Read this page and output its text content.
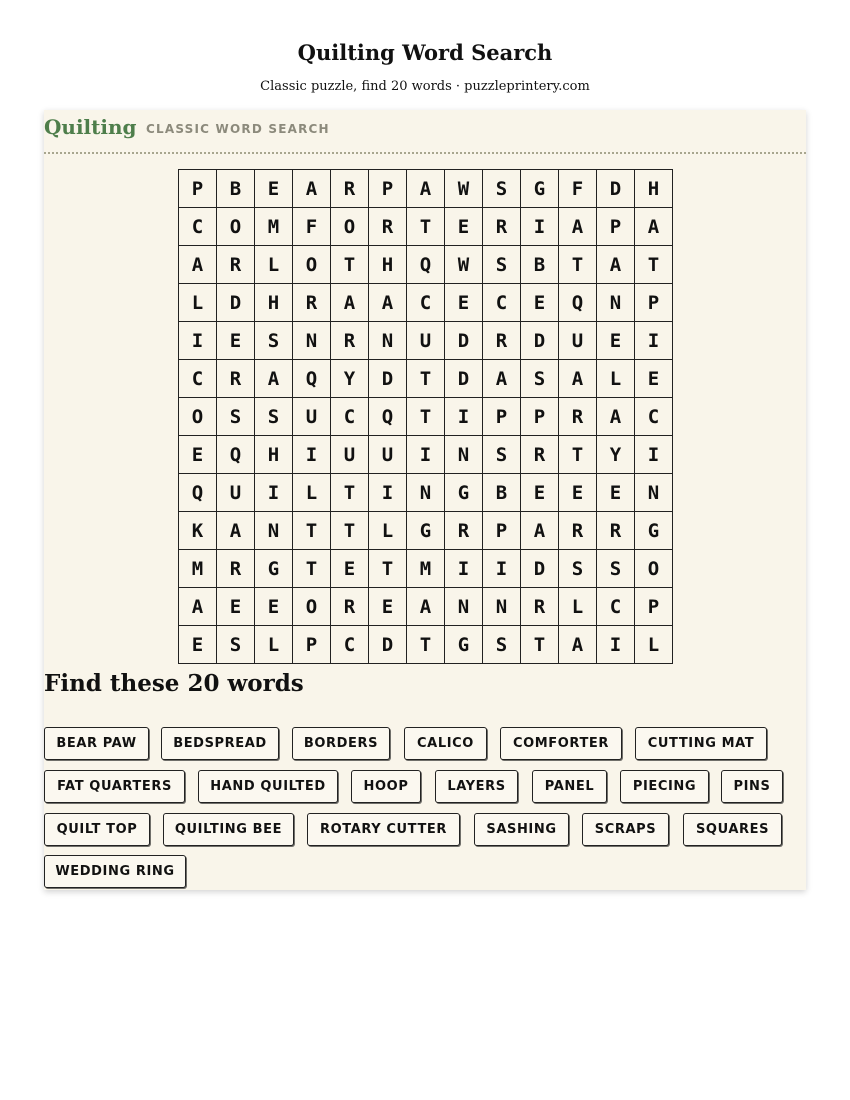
Quilting Word Search
Classic puzzle, find 20 words · puzzleprintery.com
Quilting CLASSIC WORD SEARCH
P	B	E	A	R	P	A	W	S	G	F	D	H
C	O	M	F	O	R	T	E	R	I	A	P	A
A	R	L	O	T	H	Q	W	S	B	T	A	T
L	D	H	R	A	A	C	E	C	E	Q	N	P
I	E	S	N	R	N	U	D	R	D	U	E	I
C	R	A	Q	Y	D	T	D	A	S	A	L	E
O	S	S	U	C	Q	T	I	P	P	R	A	C
E	Q	H	I	U	U	I	N	S	R	T	Y	I
Q	U	I	L	T	I	N	G	B	E	E	E	N
K	A	N	T	T	L	G	R	P	A	R	R	G
M	R	G	T	E	T	M	I	I	D	S	S	O
A	E	E	O	R	E	A	N	N	R	L	C	P
E	S	L	P	C	D	T	G	S	T	A	I	L
Find these 20 words
BEAR PAW	BEDSPREAD	BORDERS	CALICO	COMFORTER	CUTTING MAT
FAT QUARTERS	HAND QUILTED	HOOP	LAYERS	PANEL	PIECING	PINS
QUILT TOP	QUILTING BEE	ROTARY CUTTER	SASHING	SCRAPS	SQUARES
WEDDING RING
